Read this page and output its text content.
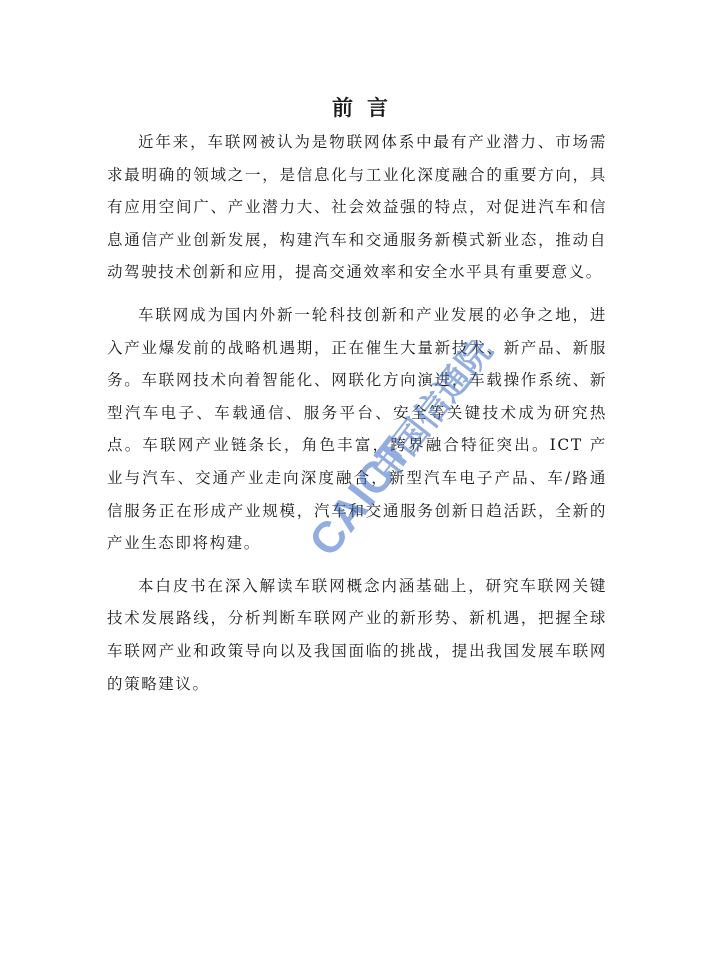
前言

近年来，车联网被认为是物联网体系中最有产业潜力、市场需求最明确的领域之一，是信息化与工业化深度融合的重要方向，具有应用空间广、产业潜力大、社会效益强的特点，对促进汽车和信息通信产业创新发展，构建汽车和交通服务新模式新业态，推动自动驾驶技术创新和应用，提高交通效率和安全水平具有重要意义。

车联网成为国内外新一轮科技创新和产业发展的必争之地，进入产业爆发前的战略机遇期，正在催生大量新技术、新产品、新服务。车联网技术向着智能化、网联化方向演进，车载操作系统、新型汽车电子、车载通信、服务平台、安全等关键技术成为研究热点。车联网产业链条长，角色丰富，跨界融合特征突出。ICT 产业与汽车、交通产业走向深度融合，新型汽车电子产品、车/路通信服务正在形成产业规模，汽车和交通服务创新日趋活跃，全新的产业生态即将构建。

本白皮书在深入解读车联网概念内涵基础上，研究车联网关键技术发展路线，分析判断车联网产业的新形势、新机遇，把握全球车联网产业和政策导向以及我国面临的挑战，提出我国发展车联网的策略建议。

CAICT
中国信通院
